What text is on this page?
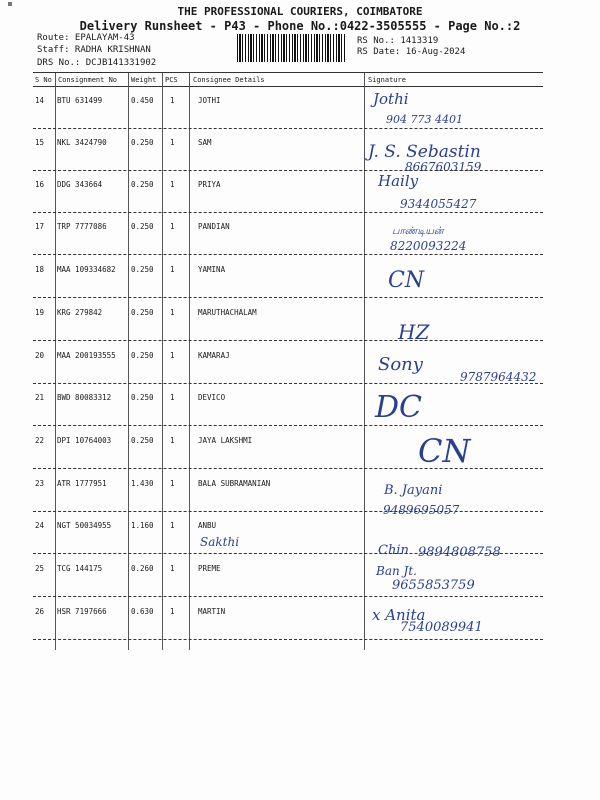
THE PROFESSIONAL COURIERS, COIMBATORE
Delivery Runsheet - P43 - Phone No.:0422-3505555 - Page No.:2
Route: EPALAYAM-43
Staff: RADHA KRISHNAN
DRS No.: DCJB141331902
RS No.: 1413319
RS Date: 16-Aug-2024
S No Consignment No Weight PCS Consignee Details	Signature
14 BTU 631499	0.450 1	JOTHI	Jothi
904 773 4401
15 NKL 3424790	0.250 1	SAM	J. S. Sebastin
8667603159
16 DDG 343664	0.250 1	PRIYA	Haily
9344055427
17 TRP 7777086	0.250 1	PANDIAN	பாண்டியன்
8220093224
18 MAA 109334682 0.250 1	YAMINA	CN
19 KRG 279842	0.250 1	MARUTHACHALAM
HZ
20 MAA 200193555 0.250 1	KAMARAJ	Sony
9787964432
21 BWD 80083312	0.250 1	DEVICO	DC
22 DPI 10764003	0.250 1	JAYA LAKSHMI	CN
23 ATR 1777951	1.430 1	BALA SUBRAMANIAN	B. Jayani
9489695057
24 NGT 50034955	1.160 1	ANBU
Chin 9894808758
Sakthi
25 TCG 144175	0.260 1	PREME	Ban Jt.
9655853759
26 HSR 7197666	0.630 1	MARTIN	x Anita
7540089941
